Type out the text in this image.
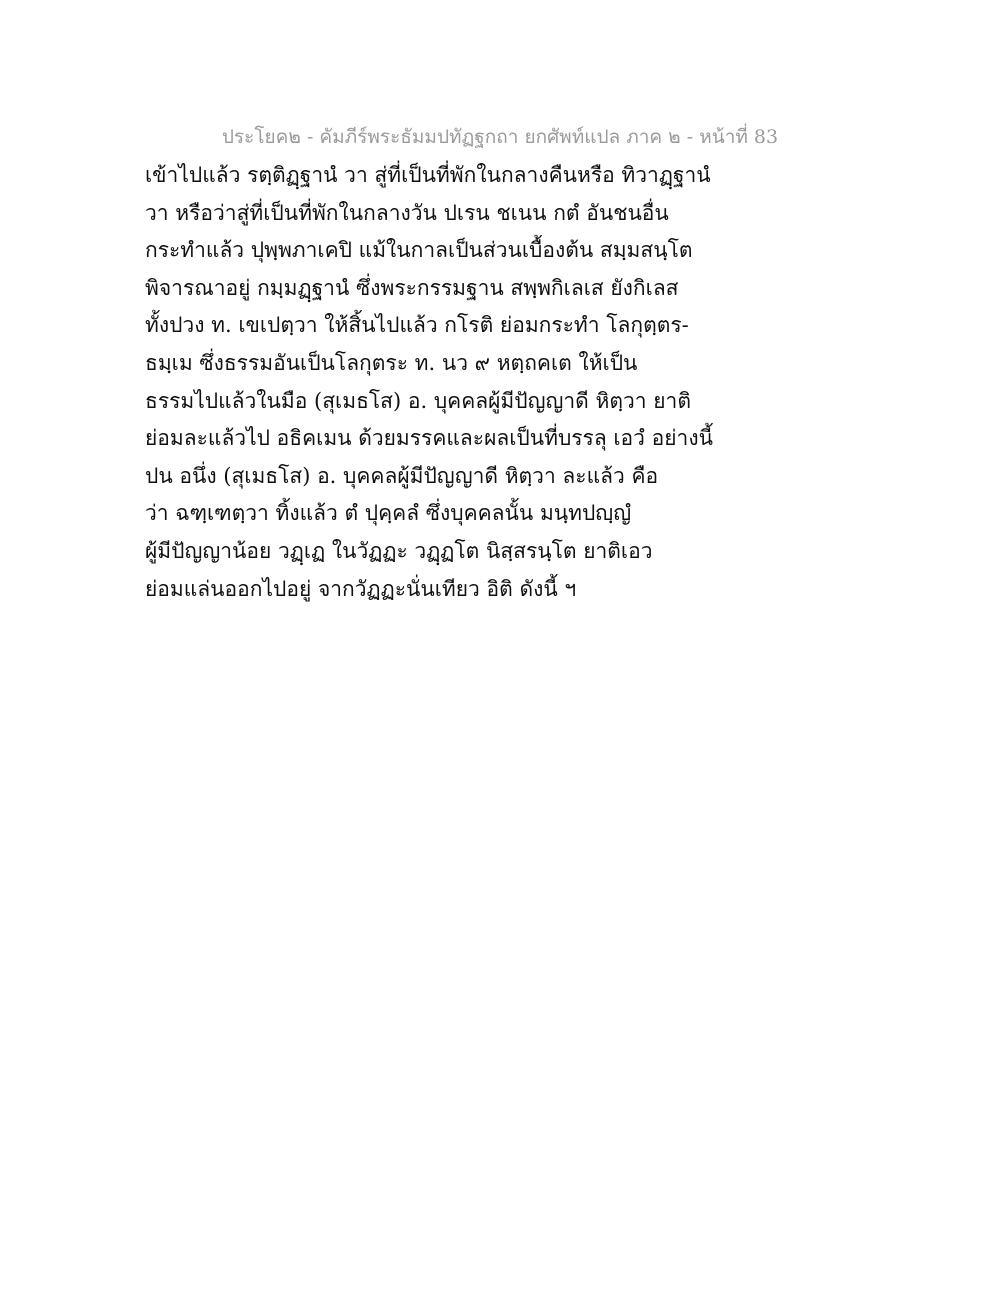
ประโยค๒ - คัมภีร์พระธัมมปทัฏฐกถา ยกศัพท์แปล ภาค ๒ - หน้าที่ 83
เข้าไปแล้ว รตฺติฏฺฐานํ วา สู่ที่เป็นที่พักในกลางคืนหรือ ทิวาฏฺฐานํ
วา หรือว่าสู่ที่เป็นที่พักในกลางวัน ปเรน ชเนน กตํ อันชนอื่น
กระทำแล้ว ปุพฺพภาเคปิ แม้ในกาลเป็นส่วนเบื้องต้น สมฺมสนฺโต
พิจารณาอยู่ กมฺมฏฺฐานํ ซึ่งพระกรรมฐาน สพฺพกิเลเส ยังกิเลส
ทั้งปวง ท. เขเปตฺวา ให้สิ้นไปแล้ว กโรติ ย่อมกระทำ โลกุตฺตร-
ธมฺเม ซึ่งธรรมอันเป็นโลกุตระ ท. นว ๙ หตฺถคเต ให้เป็น
ธรรมไปแล้วในมือ (สุเมธโส) อ. บุคคลผู้มีปัญญาดี หิตฺวา ยาติ
ย่อมละแล้วไป อธิคเมน ด้วยมรรคและผลเป็นที่บรรลุ เอวํ อย่างนี้
ปน อนึ่ง (สุเมธโส) อ. บุคคลผู้มีปัญญาดี หิตฺวา ละแล้ว คือ
ว่า ฉฑฺเฑตฺวา ทิ้งแล้ว ตํ ปุคฺคลํ ซึ่งบุคคลนั้น มนฺทปญฺญํ
ผู้มีปัญญาน้อย วฏฺเฏ ในวัฏฏะ วฏฺฏโต นิสฺสรนฺโต ยาติเอว
ย่อมแล่นออกไปอยู่ จากวัฏฏะนั่นเทียว อิติ ดังนี้ ฯ
